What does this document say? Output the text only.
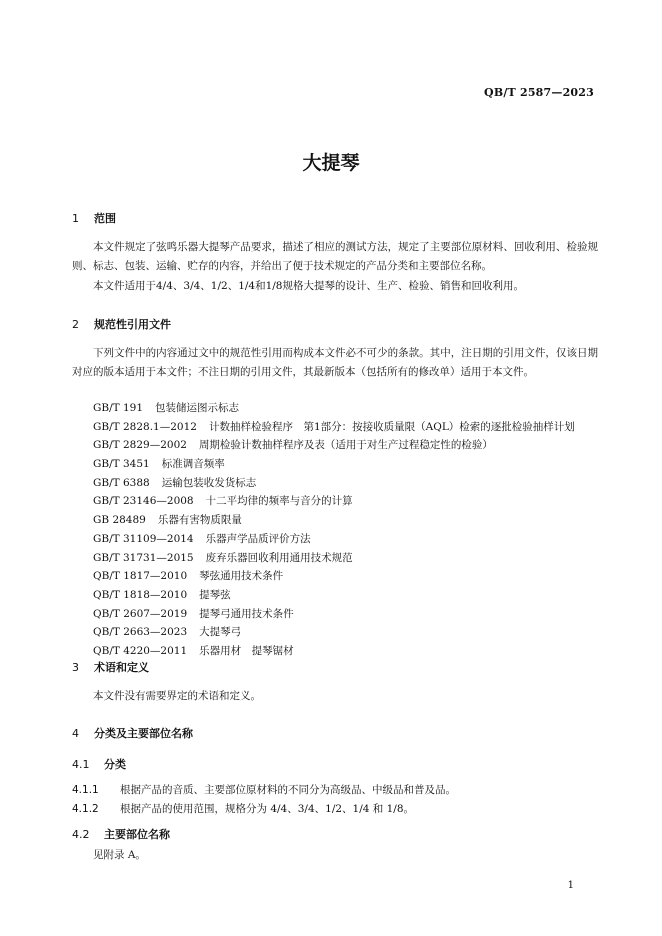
QB/T 2587—2023
大提琴
1 范围

本文件规定了弦鸣乐器大提琴产品要求，描述了相应的测试方法，规定了主要部位原材料、回收利用、检验规则、标志、包装、运输、贮存的内容，并给出了便于技术规定的产品分类和主要部位名称。

本文件适用于4/4、3/4、1/2、1/4和1/8规格大提琴的设计、生产、检验、销售和回收利用。

2 规范性引用文件

下列文件中的内容通过文中的规范性引用而构成本文件必不可少的条款。其中，注日期的引用文件，仅该日期对应的版本适用于本文件；不注日期的引用文件，其最新版本（包括所有的修改单）适用于本文件。

GB/T 191 包装储运图示标志
GB/T 2828.1—2012 计数抽样检验程序　第1部分：按接收质量限（AQL）检索的逐批检验抽样计划
GB/T 2829—2002 周期检验计数抽样程序及表（适用于对生产过程稳定性的检验）
GB/T 3451 标准调音频率
GB/T 6388 运输包装收发货标志
GB/T 23146—2008 十二平均律的频率与音分的计算
GB 28489 乐器有害物质限量
GB/T 31109—2014 乐器声学品质评价方法
GB/T 31731—2015 废弃乐器回收利用通用技术规范
QB/T 1817—2010 琴弦通用技术条件
QB/T 1818—2010 提琴弦
QB/T 2607—2019 提琴弓通用技术条件
QB/T 2663—2023 大提琴弓
QB/T 4220—2011 乐器用材　提琴锯材
3 术语和定义

本文件没有需要界定的术语和定义。

4 分类及主要部位名称
4.1 分类
4.1.1 根据产品的音质、主要部位原材料的不同分为高级品、中级品和普及品。
4.1.2 根据产品的使用范围，规格分为 4/4、3/4、1/2、1/4 和 1/8。
4.2 主要部位名称

见附录 A。

1
